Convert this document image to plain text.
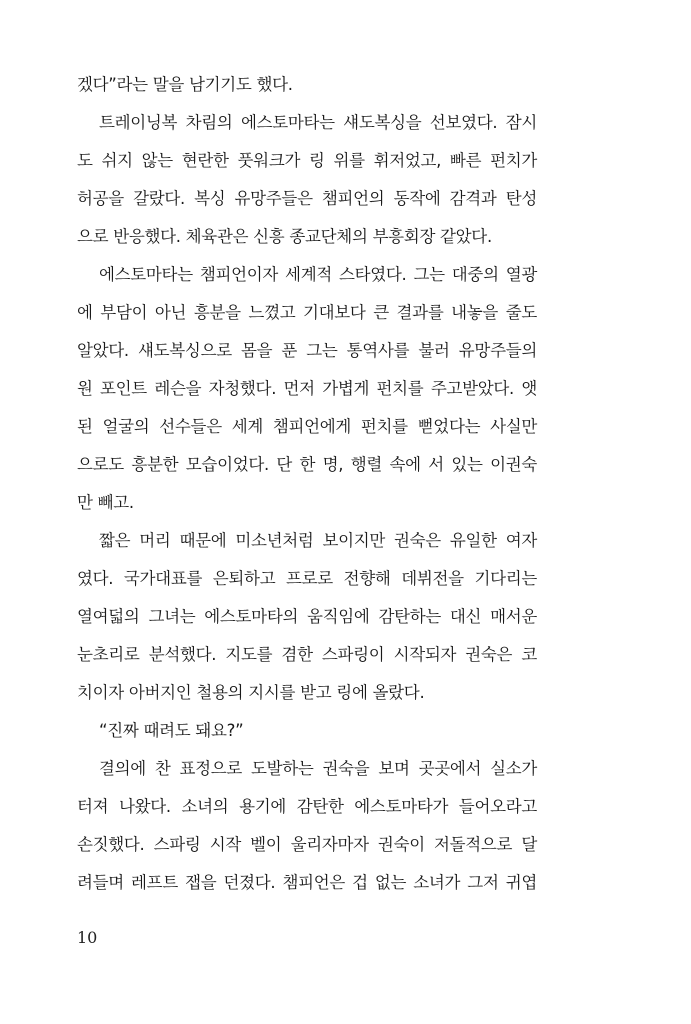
겠다”라는 말을 남기기도 했다.
트레이닝복 차림의 에스토마타는 섀도복싱을 선보였다. 잠시
도 쉬지 않는 현란한 풋워크가 링 위를 휘저었고, 빠른 펀치가
허공을 갈랐다. 복싱 유망주들은 챔피언의 동작에 감격과 탄성
으로 반응했다. 체육관은 신흥 종교단체의 부흥회장 같았다.
에스토마타는 챔피언이자 세계적 스타였다. 그는 대중의 열광
에 부담이 아닌 흥분을 느꼈고 기대보다 큰 결과를 내놓을 줄도
알았다. 섀도복싱으로 몸을 푼 그는 통역사를 불러 유망주들의
원 포인트 레슨을 자청했다. 먼저 가볍게 펀치를 주고받았다. 앳
된 얼굴의 선수들은 세계 챔피언에게 펀치를 뻗었다는 사실만
으로도 흥분한 모습이었다. 단 한 명, 행렬 속에 서 있는 이권숙
만 빼고.
짧은 머리 때문에 미소년처럼 보이지만 권숙은 유일한 여자
였다. 국가대표를 은퇴하고 프로로 전향해 데뷔전을 기다리는
열여덟의 그녀는 에스토마타의 움직임에 감탄하는 대신 매서운
눈초리로 분석했다. 지도를 겸한 스파링이 시작되자 권숙은 코
치이자 아버지인 철용의 지시를 받고 링에 올랐다.
“진짜 때려도 돼요?”
결의에 찬 표정으로 도발하는 권숙을 보며 곳곳에서 실소가
터져 나왔다. 소녀의 용기에 감탄한 에스토마타가 들어오라고
손짓했다. 스파링 시작 벨이 울리자마자 권숙이 저돌적으로 달
려들며 레프트 잽을 던졌다. 챔피언은 겁 없는 소녀가 그저 귀엽
10
